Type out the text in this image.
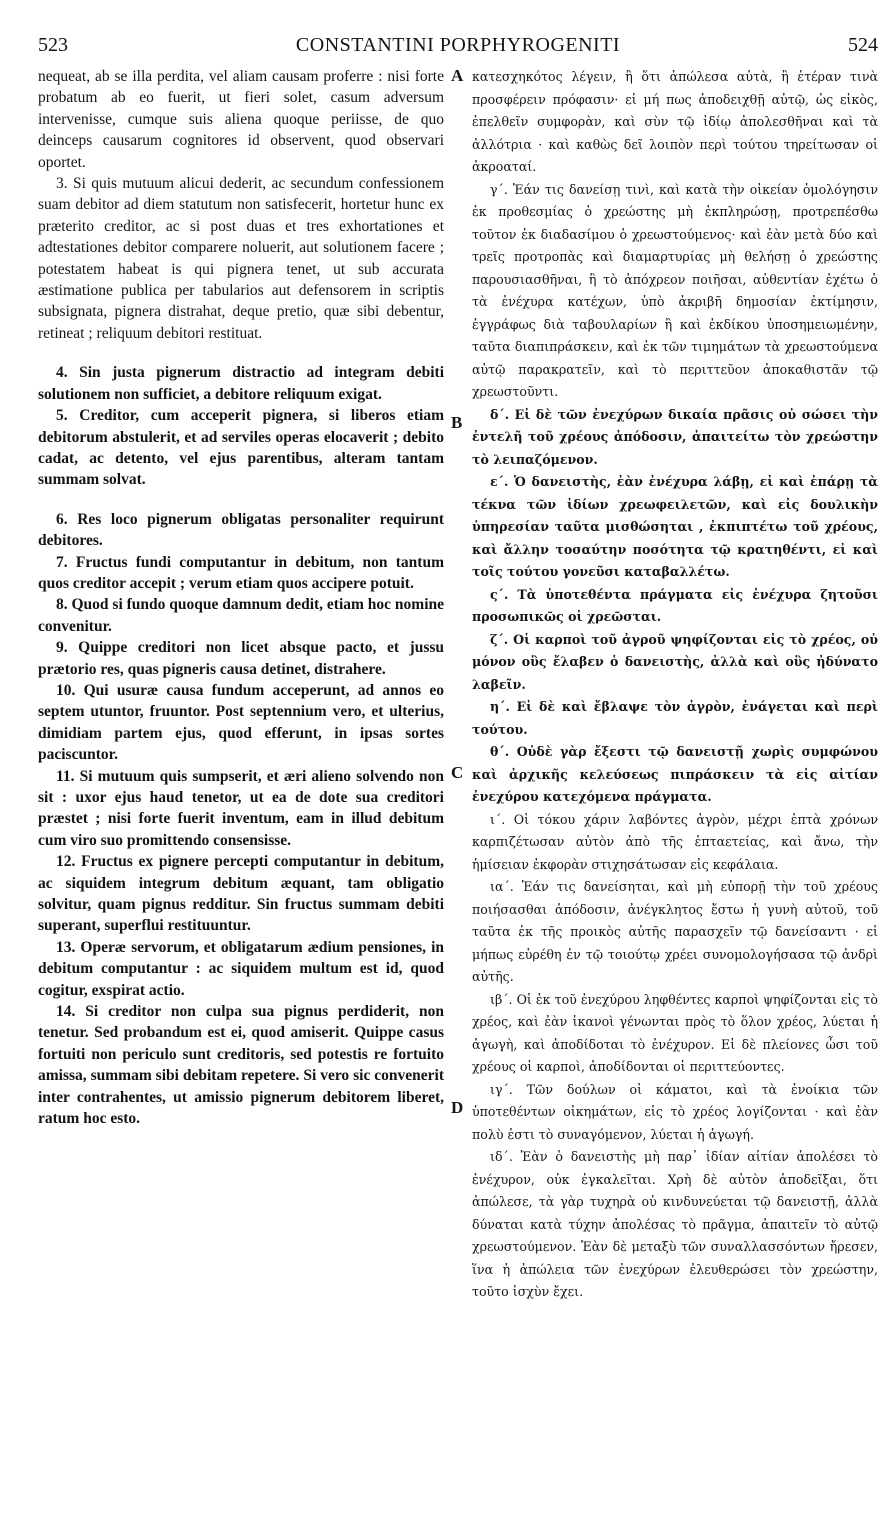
523	CONSTANTINI PORPHYROGENITI	524

nequeat, ab se illa perdita, vel aliam causam proferre : nisi forte probatum ab eo fuerit, ut fieri solet, casum adversum intervenisse, cumque suis aliena quoque periisse, de quo deinceps causarum cognitores id observent, quod observari oportet.

3. Si quis mutuum alicui dederit, ac secundum confessionem suam debitor ad diem statutum non satisfecerit, hortetur hunc ex præterito creditor, ac si post duas et tres exhortationes et adtestationes debitor comparere noluerit, aut solutionem facere ; potestatem habeat is qui pignera tenet, ut sub accurata æstimatione publica per tabularios aut defensorem in scriptis subsignata, pignera distrahat, deque pretio, quæ sibi debentur, retineat ; reliquum debitori restituat.

4. Sin justa pignerum distractio ad integram debiti solutionem non sufficiet, a debitore reliquum exigat.

5. Creditor, cum acceperit pignera, si liberos etiam debitorum abstulerit, et ad serviles operas elocaverit ; debito cadat, ac detento, vel ejus parentibus, alteram tantam summam solvat.

6. Res loco pignerum obligatas personaliter requirunt debitores.

7. Fructus fundi computantur in debitum, non tantum quos creditor accepit ; verum etiam quos accipere potuit.

8. Quod si fundo quoque damnum dedit, etiam hoc nomine convenitur.

9. Quippe creditori non licet absque pacto, et jussu prætorio res, quas pigneris causa detinet, distrahere.

10. Qui usuræ causa fundum acceperunt, ad annos eo septem utuntor, fruuntor. Post septennium vero, et ulterius, dimidiam partem ejus, quod efferunt, in ipsas sortes paciscuntor.

11. Si mutuum quis sumpserit, et æri alieno solvendo non sit : uxor ejus haud tenetor, ut ea de dote sua creditori præstet ; nisi forte fuerit inventum, eam in illud debitum cum viro suo promittendo consensisse.

12. Fructus ex pignere percepti computantur in debitum, ac siquidem integrum debitum æquant, tam obligatio solvitur, quam pignus redditur. Sin fructus summam debiti superant, superflui restituuntur.

13. Operæ servorum, et obligatarum ædium pensiones, in debitum computantur : ac siquidem multum est id, quod cogitur, exspirat actio.

14. Si creditor non culpa sua pignus perdiderit, non tenetur. Sed probandum est ei, quod amiserit. Quippe casus fortuiti non periculo sunt creditoris, sed potestis re fortuito amissa, summam sibi debitam repetere. Si vero sic convenerit inter contrahentes, ut amissio pignerum debitorem liberet, ratum hoc esto.

A
B
C
D

κατεσχηκότος λέγειν, ἢ ὅτι ἀπώλεσα αὐτὰ, ἢ ἑτέραν τινὰ προσφέρειν πρόφασιν· εἰ μή πως ἀποδειχθῇ αὐτῷ, ὡς εἰκὸς, ἐπελθεῖν συμφορὰν, καὶ σὺν τῷ ἰδίῳ ἀπολεσθῆναι καὶ τὰ ἀλλότρια · καὶ καθὼς δεῖ λοιπὸν περὶ τούτου τηρείτωσαν οἱ ἀκροαταί.

γ΄. Ἐάν τις δανείσῃ τινὶ, καὶ κατὰ τὴν οἰκείαν ὁμολόγησιν ἐκ προθεσμίας ὁ χρεώστης μὴ ἐκπληρώσῃ, προτρεπέσθω τοῦτον ἐκ διαδασίμου ὁ χρεωστούμενος· καὶ ἐὰν μετὰ δύο καὶ τρεῖς προτροπὰς καὶ διαμαρτυρίας μὴ θελήσῃ ὁ χρεώστης παρουσιασθῆναι, ἢ τὸ ἀπόχρεον ποιῆσαι, αὐθεντίαν ἐχέτω ὁ τὰ ἐνέχυρα κατέχων, ὑπὸ ἀκριβῆ δημοσίαν ἐκτίμησιν, ἐγγράφως διὰ ταβουλαρίων ἢ καὶ ἐκδίκου ὑποσημειωμένην, ταῦτα διαπιπράσκειν, καὶ ἐκ τῶν τιμημάτων τὰ χρεωστούμενα αὐτῷ παρακρατεῖν, καὶ τὸ περιττεῦον ἀποκαθιστᾶν τῷ χρεωστοῦντι.

δ΄. Εἰ δὲ τῶν ἐνεχύρων δικαία πρᾶσις οὐ σώσει τὴν ἐντελῆ τοῦ χρέους ἀπόδοσιν, ἀπαιτείτω τὸν χρεώστην τὸ λειπαζόμενον.

ε΄. Ὁ δανειστὴς, ἐὰν ἐνέχυρα λάβῃ, εἰ καὶ ἐπάρῃ τὰ τέκνα τῶν ἰδίων χρεωφειλετῶν, καὶ εἰς δουλικὴν ὑπηρεσίαν ταῦτα μισθώσηται , ἐκπιπτέτω τοῦ χρέους, καὶ ἄλλην τοσαύτην ποσότητα τῷ κρατηθέντι, εἰ καὶ τοῖς τούτου γονεῦσι καταβαλλέτω.

ς΄. Τὰ ὑποτεθέντα πράγματα εἰς ἐνέχυρα ζητοῦσι προσωπικῶς οἱ χρεῶσται.

ζ΄. Οἱ καρποὶ τοῦ ἀγροῦ ψηφίζονται εἰς τὸ χρέος, οὐ μόνον οὓς ἔλαβεν ὁ δανειστὴς, ἀλλὰ καὶ οὓς ἠδύνατο λαβεῖν.

η΄. Εἰ δὲ καὶ ἔβλαψε τὸν ἀγρὸν, ἐνάγεται καὶ περὶ τούτου.

θ΄. Οὐδὲ γὰρ ἔξεστι τῷ δανειστῇ χωρὶς συμφώνου καὶ ἀρχικῆς κελεύσεως πιπράσκειν τὰ εἰς αἰτίαν ἐνεχύρου κατεχόμενα πράγματα.

ι΄. Οἱ τόκου χάριν λαβόντες ἀγρὸν, μέχρι ἑπτὰ χρόνων καρπιζέτωσαν αὐτὸν ἀπὸ τῆς ἑπταετείας, καὶ ἄνω, τὴν ἡμίσειαν ἐκφορὰν στιχησάτωσαν εἰς κεφάλαια.

ια΄. Ἐάν τις δανείσηται, καὶ μὴ εὐπορῇ τὴν τοῦ χρέους ποιήσασθαι ἀπόδοσιν, ἀνέγκλητος ἔστω ἡ γυνὴ αὐτοῦ, τοῦ ταῦτα ἐκ τῆς προικὸς αὐτῆς παρασχεῖν τῷ δανείσαντι · εἰ μήπως εὑρέθη ἐν τῷ τοιούτῳ χρέει συνομολογήσασα τῷ ἀνδρὶ αὐτῆς.

ιβ΄. Οἱ ἐκ τοῦ ἐνεχύρου ληφθέντες καρποὶ ψηφίζονται εἰς τὸ χρέος, καὶ ἐὰν ἱκανοὶ γένωνται πρὸς τὸ ὅλον χρέος, λύεται ἡ ἀγωγὴ, καὶ ἀποδίδοται τὸ ἐνέχυρον. Εἰ δὲ πλείονες ὦσι τοῦ χρέους οἱ καρποὶ, ἀποδίδονται οἱ περιττεύοντες.

ιγ΄. Τῶν δούλων οἱ κάματοι, καὶ τὰ ἐνοίκια τῶν ὑποτεθέντων οἰκημάτων, εἰς τὸ χρέος λογίζονται · καὶ ἐὰν πολὺ ἐστι τὸ συναγόμενον, λύεται ἡ ἀγωγή.

ιδ΄. Ἐὰν ὁ δανειστὴς μὴ παρ᾽ ἰδίαν αἰτίαν ἀπολέσει τὸ ἐνέχυρον, οὐκ ἐγκαλεῖται. Χρὴ δὲ αὐτὸν ἀποδεῖξαι, ὅτι ἀπώλεσε, τὰ γὰρ τυχηρὰ οὐ κινδυνεύεται τῷ δανειστῇ, ἀλλὰ δύναται κατὰ τύχην ἀπολέσας τὸ πρᾶγμα, ἀπαιτεῖν τὸ αὐτῷ χρεωστούμενον. Ἐὰν δὲ μεταξὺ τῶν συναλλασσόντων ἤρεσεν, ἵνα ἡ ἀπώλεια τῶν ἐνεχύρων ἐλευθερώσει τὸν χρεώστην, τοῦτο ἰσχὺν ἔχει.
